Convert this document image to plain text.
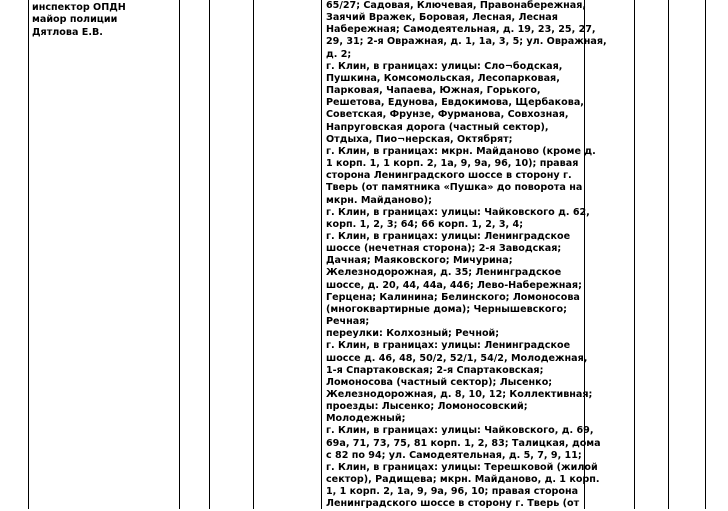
инспектор ОПДН
майор полиции
Дятлова Е.В.
65/27; Садовая, Ключевая, Правонабережная,
Заячий Вражек, Боровая, Лесная, Лесная
Набережная; Самодеятельная, д. 19, 23, 25, 27,
29, 31; 2-я Овражная, д. 1, 1а, 3, 5; ул. Овражная,
д. 2;
г. Клин, в границах: улицы: Сло¬бодская,
Пушкина, Комсомольская, Лесопарковая,
Парковая, Чапаева, Южная, Горького,
Решетова, Едунова, Евдокимова, Щербакова,
Советская, Фрунзе, Фурманова, Совхозная,
Напруговская дорога (частный сектор),
Отдыха, Пио¬нерская, Октябрят;
г. Клин, в границах: мкрн. Майданово (кроме д.
1 корп. 1, 1 корп. 2, 1а, 9, 9а, 96, 10); правая
сторона Ленинградского шоссе в сторону г.
Тверь (от памятника «Пушка» до поворота на
мкрн. Майданово);
г. Клин, в границах: улицы: Чайковского д. 62,
корп. 1, 2, 3; 64; 66 корп. 1, 2, 3, 4;
г. Клин, в границах: улицы: Ленинградское
шоссе (нечетная сторона); 2-я Заводская;
Дачная; Маяковского; Мичурина;
Железнодорожная, д. 35; Ленинградское
шоссе, д. 20, 44, 44а, 446; Лево-Набережная;
Герцена; Калинина; Белинского; Ломоносова
(многоквартирные дома); Чернышевского;
Речная;
переулки: Колхозный; Речной;
г. Клин, в границах: улицы: Ленинградское
шоссе д. 46, 48, 50/2, 52/1, 54/2, Молодежная,
1-я Спартаковская; 2-я Спартаковская;
Ломоносова (частный сектор); Лысенко;
Железнодорожная, д. 8, 10, 12; Коллективная;
проезды: Лысенко; Ломоносовский;
Молодежный;
г. Клин, в границах: улицы: Чайковского, д. 69,
69а, 71, 73, 75, 81 корп. 1, 2, 83; Талицкая, дома
с 82 по 94; ул. Самодеятельная, д. 5, 7, 9, 11;
г. Клин, в границах: улицы: Терешковой (жилой
сектор), Радищева; мкрн. Майданово, д. 1 корп.
1, 1 корп. 2, 1а, 9, 9а, 96, 10; правая сторона
Ленинградского шоссе в сторону г. Тверь (от
